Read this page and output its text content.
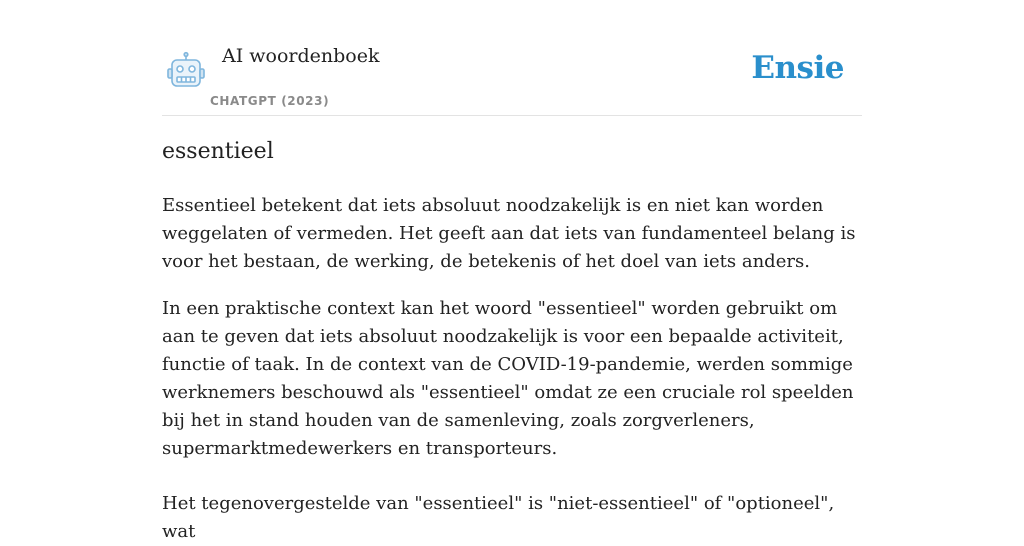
AI woordenboek
CHATGPT (2023)
Ensie
essentieel

Essentieel betekent dat iets absoluut noodzakelijk is en niet kan worden weggelaten of vermeden. Het geeft aan dat iets van fundamenteel belang is voor het bestaan, de werking, de betekenis of het doel van iets anders.

In een praktische context kan het woord "essentieel" worden gebruikt om aan te geven dat iets absoluut noodzakelijk is voor een bepaalde activiteit, functie of taak. In de context van de COVID-19-pandemie, werden sommige werknemers beschouwd als "essentieel" omdat ze een cruciale rol speelden bij het in stand houden van de samenleving, zoals zorgverleners, supermarktmedewerkers en transporteurs.

Het tegenovergestelde van "essentieel" is "niet-essentieel" of "optioneel", wat
